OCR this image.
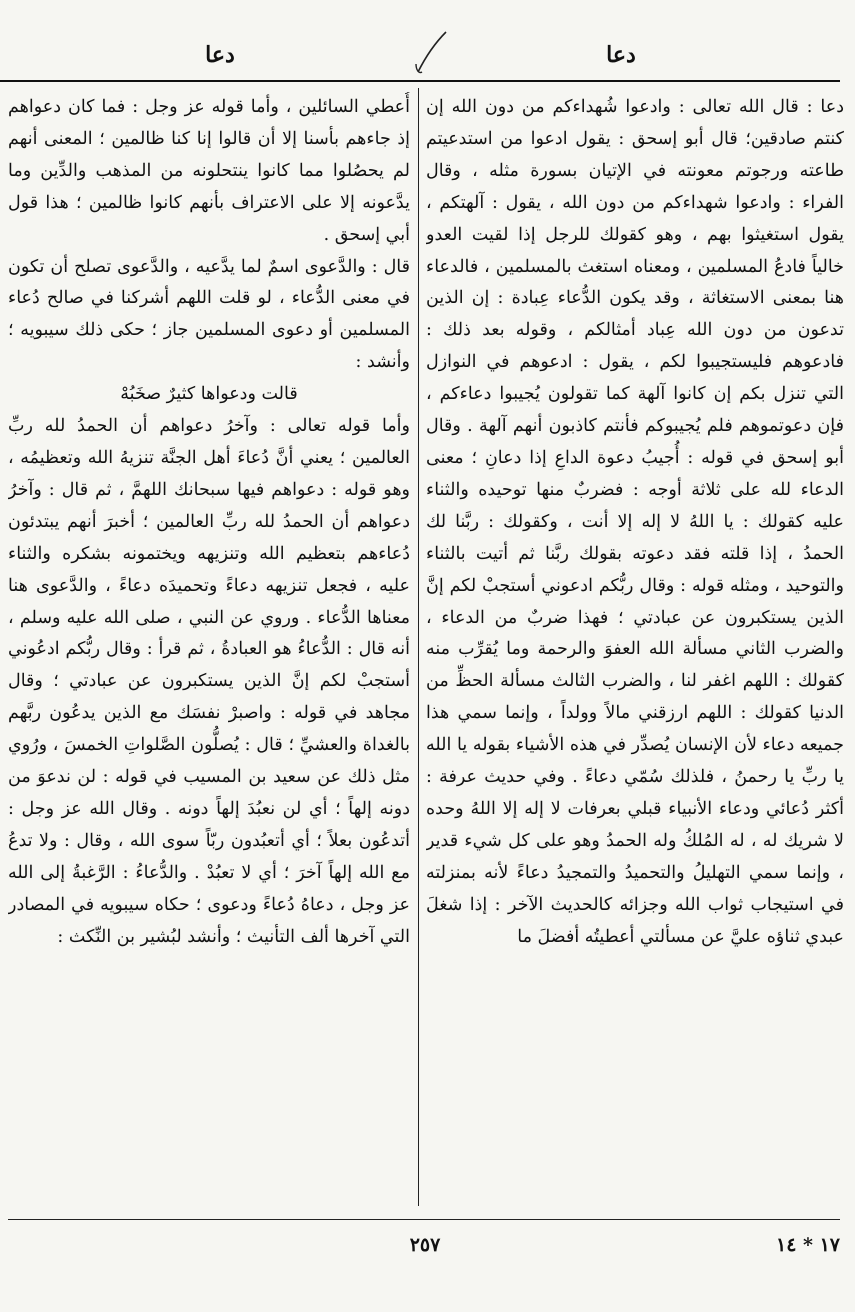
دعا
دعا

دعا : قال الله تعالى : وادعوا شُهداءكم من دون الله إن كنتم صادقين؛ قال أبو إسحق : يقول ادعوا من استدعيتم طاعته ورجوتم معونته في الإتيان بسورة مثله ، وقال الفراء : وادعوا شهداءكم من دون الله ، يقول : آلهتكم ، يقول استغيثوا بهم ، وهو كقولك للرجل إذا لقيت العدو خالياً فادعُ المسلمين ، ومعناه استغث بالمسلمين ، فالدعاء هنا بمعنى الاستغاثة ، وقد يكون الدُّعاء عِبادة : إن الذين تدعون من دون الله عِباد أمثالكم ، وقوله بعد ذلك : فادعوهم فليستجيبوا لكم ، يقول : ادعوهم في النوازل التي تنزل بكم إن كانوا آلهة كما تقولون يُجيبوا دعاءكم ، فإن دعوتموهم فلم يُجيبوكم فأنتم كاذبون أنهم آلهة . وقال أبو إسحق في قوله : أُجيبُ دعوة الداعِ إذا دعانِ ؛ معنى الدعاء لله على ثلاثة أوجه : فضربٌ منها توحيده والثناء عليه كقولك : يا اللهُ لا إله إلا أنت ، وكقولك : ربَّنا لك الحمدُ ، إذا قلته فقد دعوته بقولك ربَّنا ثم أتيت بالثناء والتوحيد ، ومثله قوله : وقال ربُّكم ادعوني أستجبْ لكم إنَّ الذين يستكبرون عن عبادتي ؛ فهذا ضربٌ من الدعاء ، والضرب الثاني مسألة الله العفوَ والرحمة وما يُقرِّب منه كقولك : اللهم اغفر لنا ، والضرب الثالث مسألة الحظِّ من الدنيا كقولك : اللهم ارزقني مالاً وولداً ، وإنما سمي هذا جميعه دعاء لأن الإنسان يُصدِّر في هذه الأشياء بقوله يا الله يا ربِّ يا رحمنُ ، فلذلك سُمّي دعاءً . وفي حديث عرفة : أكثر دُعائي ودعاء الأنبياء قبلي بعرفات لا إله إلا اللهُ وحده لا شريك له ، له المُلكُ وله الحمدُ وهو على كل شيء قدير ، وإنما سمي التهليلُ والتحميدُ والتمجيدُ دعاءً لأنه بمنزلته في استيجاب ثواب الله وجزائه كالحديث الآخر : إذا شغلَ عبدي ثناؤه عليَّ عن مسألتي أعطيتُه أفضلَ ما

أُعطي السائلين ، وأما قوله عز وجل : فما كان دعواهم إذ جاءهم بأسنا إلا أن قالوا إنا كنا ظالمين ؛ المعنى أنهم لم يحصُلوا مما كانوا ينتحلونه من المذهب والدِّين وما يدَّعونه إلا على الاعتراف بأنهم كانوا ظالمين ؛ هذا قول أبي إسحق .

قال : والدَّعوى اسمٌ لما يدَّعيه ، والدَّعوى تصلح أن تكون في معنى الدُّعاء ، لو قلت اللهم أشركنا في صالح دُعاء المسلمين أو دعوى المسلمين جاز ؛ حكى ذلك سيبويه ؛ وأنشد :

قالت ودعواها كثيرٌ صخَبُهْ

وأما قوله تعالى : وآخرُ دعواهم أن الحمدُ لله ربِّ العالمين ؛ يعني أنَّ دُعاءَ أهل الجنَّة تنزيهُ الله وتعظيمُه ، وهو قوله : دعواهم فيها سبحانك اللهمَّ ، ثم قال : وآخرُ دعواهم أن الحمدُ لله ربِّ العالمين ؛ أخبرَ أنهم يبتدئون دُعاءهم بتعظيم الله وتنزيهه ويختمونه بشكره والثناء عليه ، فجعل تنزيهه دعاءً وتحميدَه دعاءً ، والدَّعوى هنا معناها الدُّعاء . وروي عن النبي ، صلى الله عليه وسلم ، أنه قال : الدُّعاءُ هو العبادةُ ، ثم قرأ : وقال ربُّكم ادعُوني أستجبْ لكم إنَّ الذين يستكبرون عن عبادتي ؛ وقال مجاهد في قوله : واصبرْ نفسَك مع الذين يدعُون ربَّهم بالغداة والعشيِّ ؛ قال : يُصلُّون الصَّلواتِ الخمسَ ، ورُوي مثل ذلك عن سعيد بن المسيب في قوله : لن ندعوَ من دونه إلهاً ؛ أي لن نعبُدَ إلهاً دونه . وقال الله عز وجل : أتدعُون بعلاً ؛ أي أتعبُدون ربّاً سوى الله ، وقال : ولا تدعُ مع الله إلهاً آخرَ ؛ أي لا تعبُدْ . والدُّعاءُ : الرَّغبةُ إلى الله عز وجل ، دعاهُ دُعاءً ودعوى ؛ حكاه سيبويه في المصادر التي آخرها ألف التأنيث ؛ وأنشد لبُشير بن النِّكث :

٢٥٧	١٧ * ١٤
